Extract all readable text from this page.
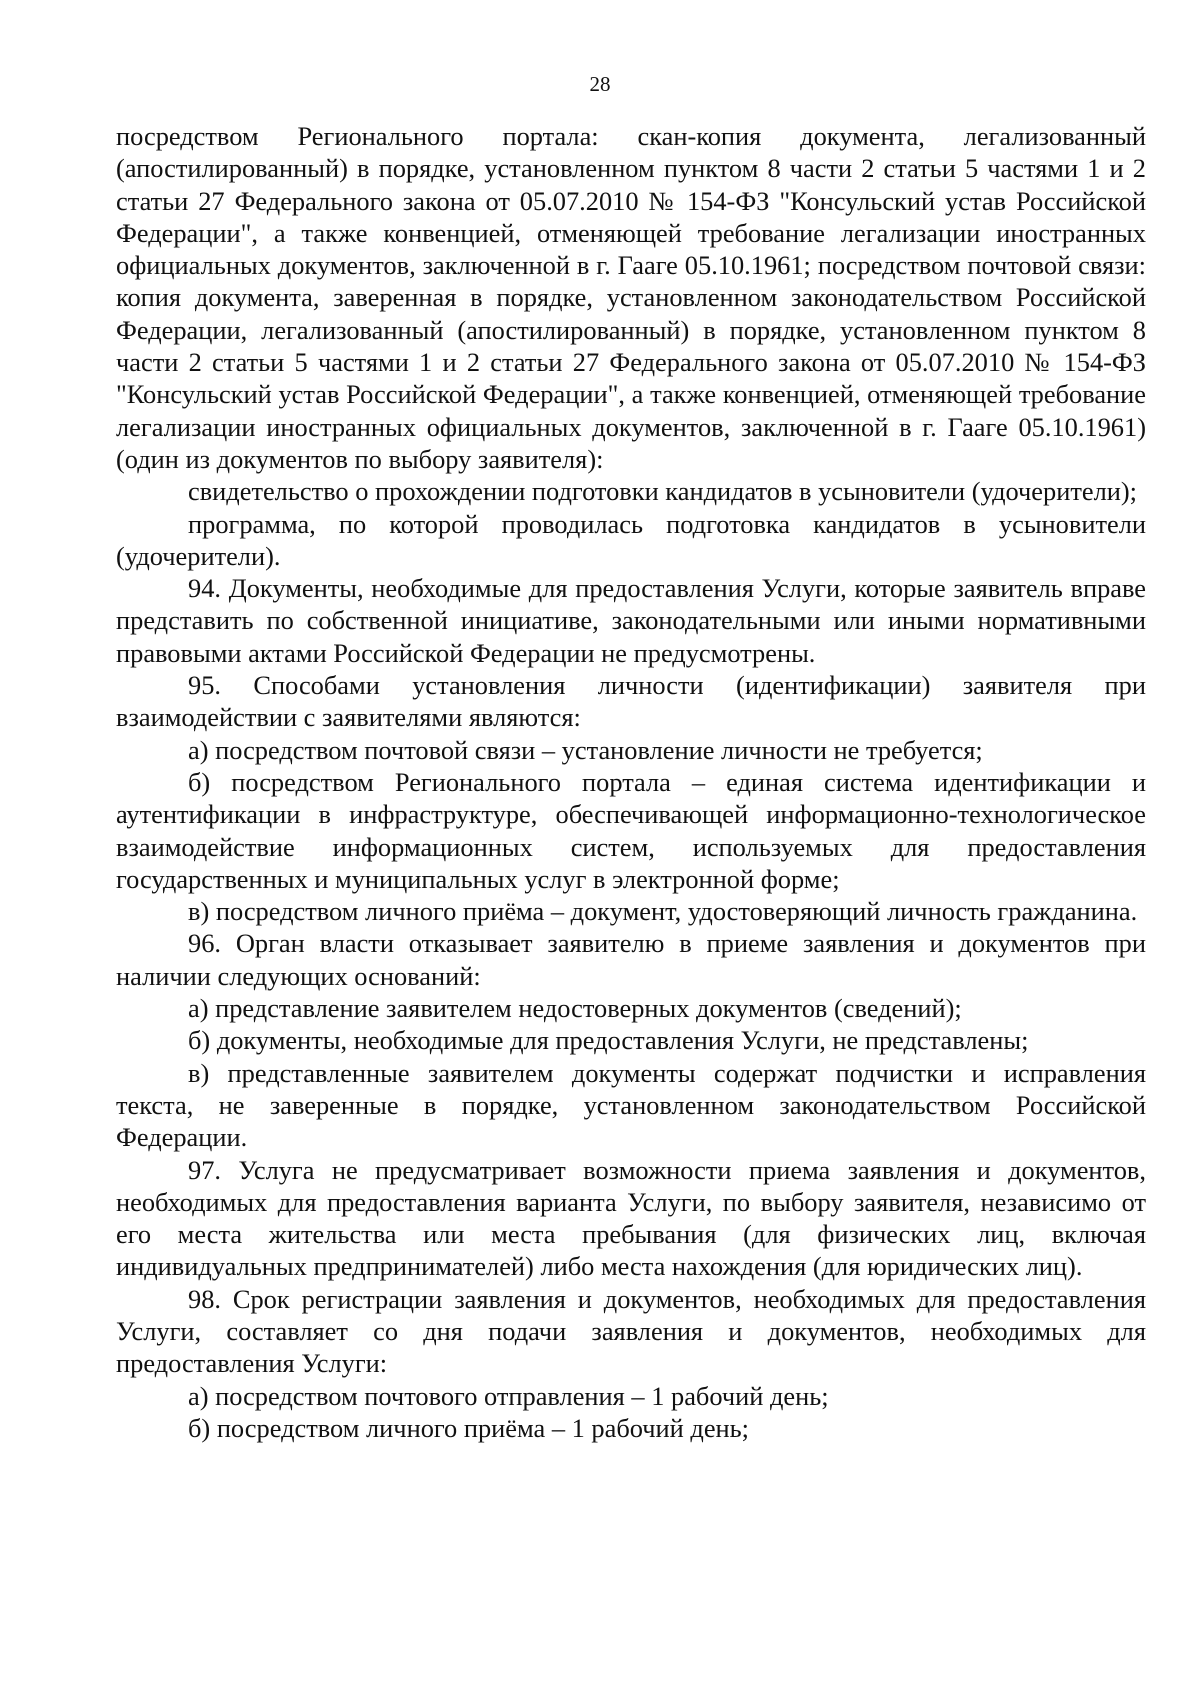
28

посредством Регионального портала: скан-копия документа, легализованный (апостилированный) в порядке, установленном пунктом 8 части 2 статьи 5 частями 1 и 2 статьи 27 Федерального закона от 05.07.2010 № 154-ФЗ "Консульский устав Российской Федерации", а также конвенцией, отменяющей требование легализации иностранных официальных документов, заключенной в г. Гааге 05.10.1961; посредством почтовой связи: копия документа, заверенная в порядке, установленном законодательством Российской Федерации, легализованный (апостилированный) в порядке, установленном пунктом 8 части 2 статьи 5 частями 1 и 2 статьи 27 Федерального закона от 05.07.2010 № 154-ФЗ "Консульский устав Российской Федерации", а также конвенцией, отменяющей требование легализации иностранных официальных документов, заключенной в г. Гааге 05.10.1961) (один из документов по выбору заявителя):

свидетельство о прохождении подготовки кандидатов в усыновители (удочерители);

программа, по которой проводилась подготовка кандидатов в усыновители (удочерители).

94. Документы, необходимые для предоставления Услуги, которые заявитель вправе представить по собственной инициативе, законодательными или иными нормативными правовыми актами Российской Федерации не предусмотрены.

95. Способами установления личности (идентификации) заявителя при взаимодействии с заявителями являются:

а) посредством почтовой связи – установление личности не требуется;

б) посредством Регионального портала – единая система идентификации и аутентификации в инфраструктуре, обеспечивающей информационно-технологическое взаимодействие информационных систем, используемых для предоставления государственных и муниципальных услуг в электронной форме;

в) посредством личного приёма – документ, удостоверяющий личность гражданина.

96. Орган власти отказывает заявителю в приеме заявления и документов при наличии следующих оснований:

а) представление заявителем недостоверных документов (сведений);

б) документы, необходимые для предоставления Услуги, не представлены;

в) представленные заявителем документы содержат подчистки и исправления текста, не заверенные в порядке, установленном законодательством Российской Федерации.

97. Услуга не предусматривает возможности приема заявления и документов, необходимых для предоставления варианта Услуги, по выбору заявителя, независимо от его места жительства или места пребывания (для физических лиц, включая индивидуальных предпринимателей) либо места нахождения (для юридических лиц).

98. Срок регистрации заявления и документов, необходимых для предоставления Услуги, составляет со дня подачи заявления и документов, необходимых для предоставления Услуги:

а) посредством почтового отправления – 1 рабочий день;

б) посредством личного приёма – 1 рабочий день;
